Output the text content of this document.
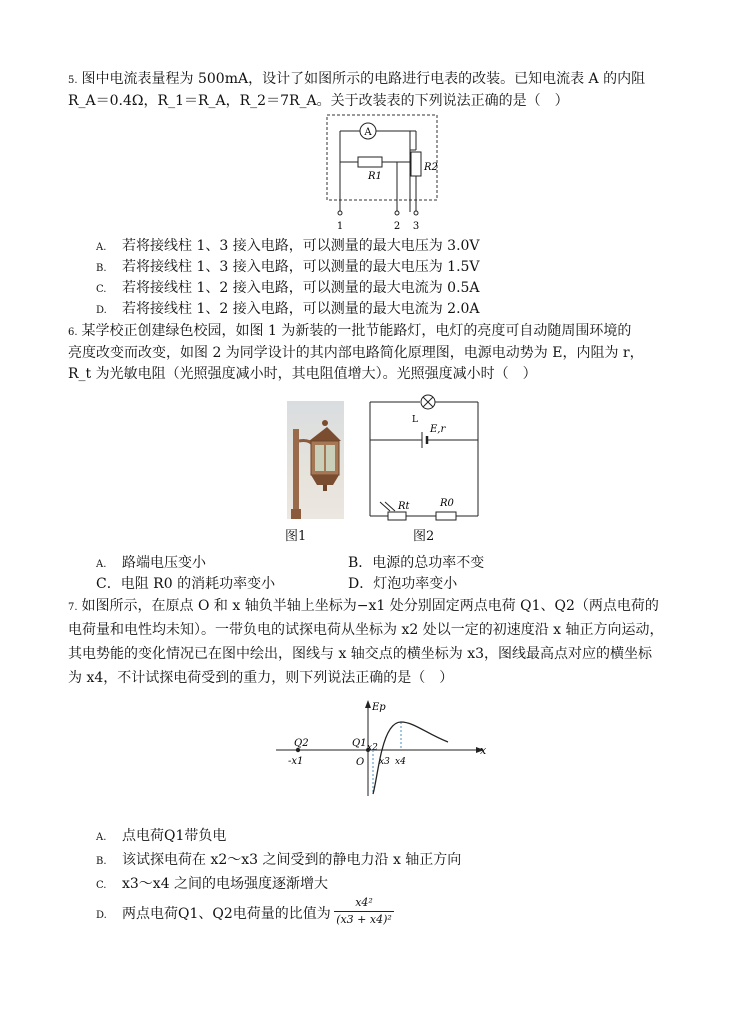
5. 图中电流表量程为 500mA，设计了如图所示的电路进行电表的改装。已知电流表 A 的内阻
R_A＝0.4Ω，R_1＝R_A，R_2＝7R_A。关于改装表的下列说法正确的是（　）
A
R1
R2
1	2 3
A. 若将接线柱 1、3 接入电路，可以测量的最大电压为 3.0V
B. 若将接线柱 1、3 接入电路，可以测量的最大电压为 1.5V
C. 若将接线柱 1、2 接入电路，可以测量的最大电流为 0.5A
D. 若将接线柱 1、2 接入电路，可以测量的最大电流为 2.0A
6. 某学校正创建绿色校园，如图 1 为新装的一批节能路灯，电灯的亮度可自动随周围环境的
亮度改变而改变，如图 2 为同学设计的其内部电路简化原理图，电源电动势为 E，内阻为 r，
R_t 为光敏电阻（光照强度减小时，其电阻值增大）。光照强度减小时（　）
图1
L
E,r
Rt	R0
图2
A. 路端电压变小	B．电源的总功率不变
C．电阻 R0 的消耗功率变小	D．灯泡功率变小
7. 如图所示，在原点 O 和 x 轴负半轴上坐标为−x1 处分别固定两点电荷 Q1、Q2（两点电荷的
电荷量和电性均未知）。一带负电的试探电荷从坐标为 x2 处以一定的初速度沿 x 轴正方向运动，
其电势能的变化情况已在图中绘出，图线与 x 轴交点的横坐标为 x3，图线最高点对应的横坐标
为 x4，不计试探电荷受到的重力，则下列说法正确的是（　）
x
Ep
Q2
-x1
Q1
O
x2
x3 x4
A. 点电荷Q1带负电
B. 该试探电荷在 x2～x3 之间受到的静电力沿 x 轴正方向
C. x3～x4 之间的电场强度逐渐增大
D. 两点电荷Q1、Q2电荷量的比值为
x4²
(x3 + x4)²
